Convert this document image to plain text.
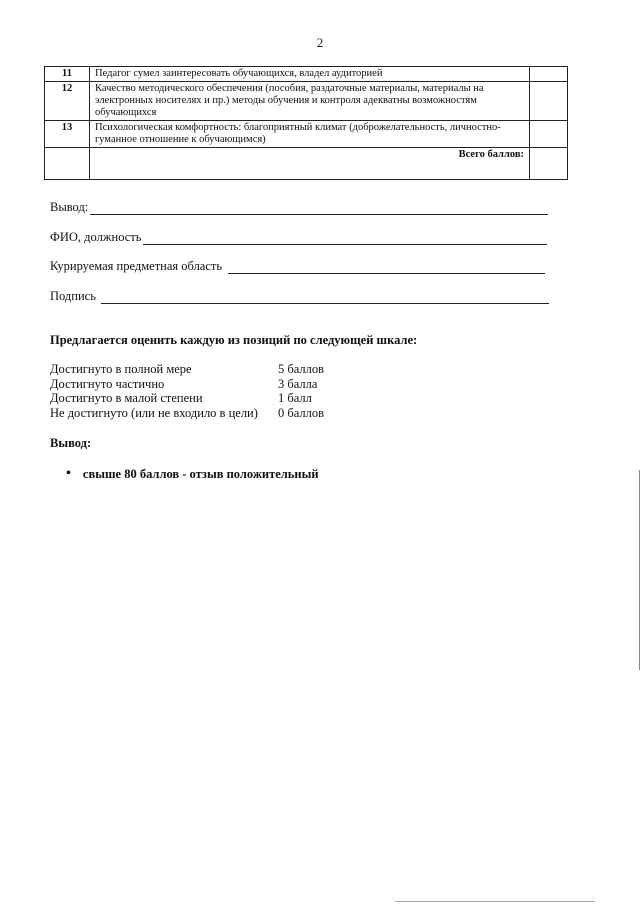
2
11	Педагог сумел заинтересовать обучающихся, владел аудиторией	
12	Качество методического обеспечения (пособия, раздаточные материалы, материалы на электронных носителях и пр.) методы обучения и контроля адекватны возможностям обучающихся	
13	Психологическая комфортность: благоприятный климат (доброжелательность, личностно-гуманное отношение к обучающимся)	
	Всего баллов:	
Вывод:
ФИО, должность
Курируемая предметная область
Подпись
Предлагается оценить каждую из позиций по следующей шкале:
Достигнуто в полной мере	5 баллов
Достигнуто частично	3 балла
Достигнуто в малой степени	1 балл
Не достигнуто (или не входило в цели)	0 баллов
Вывод:
• свыше 80 баллов - отзыв положительный
